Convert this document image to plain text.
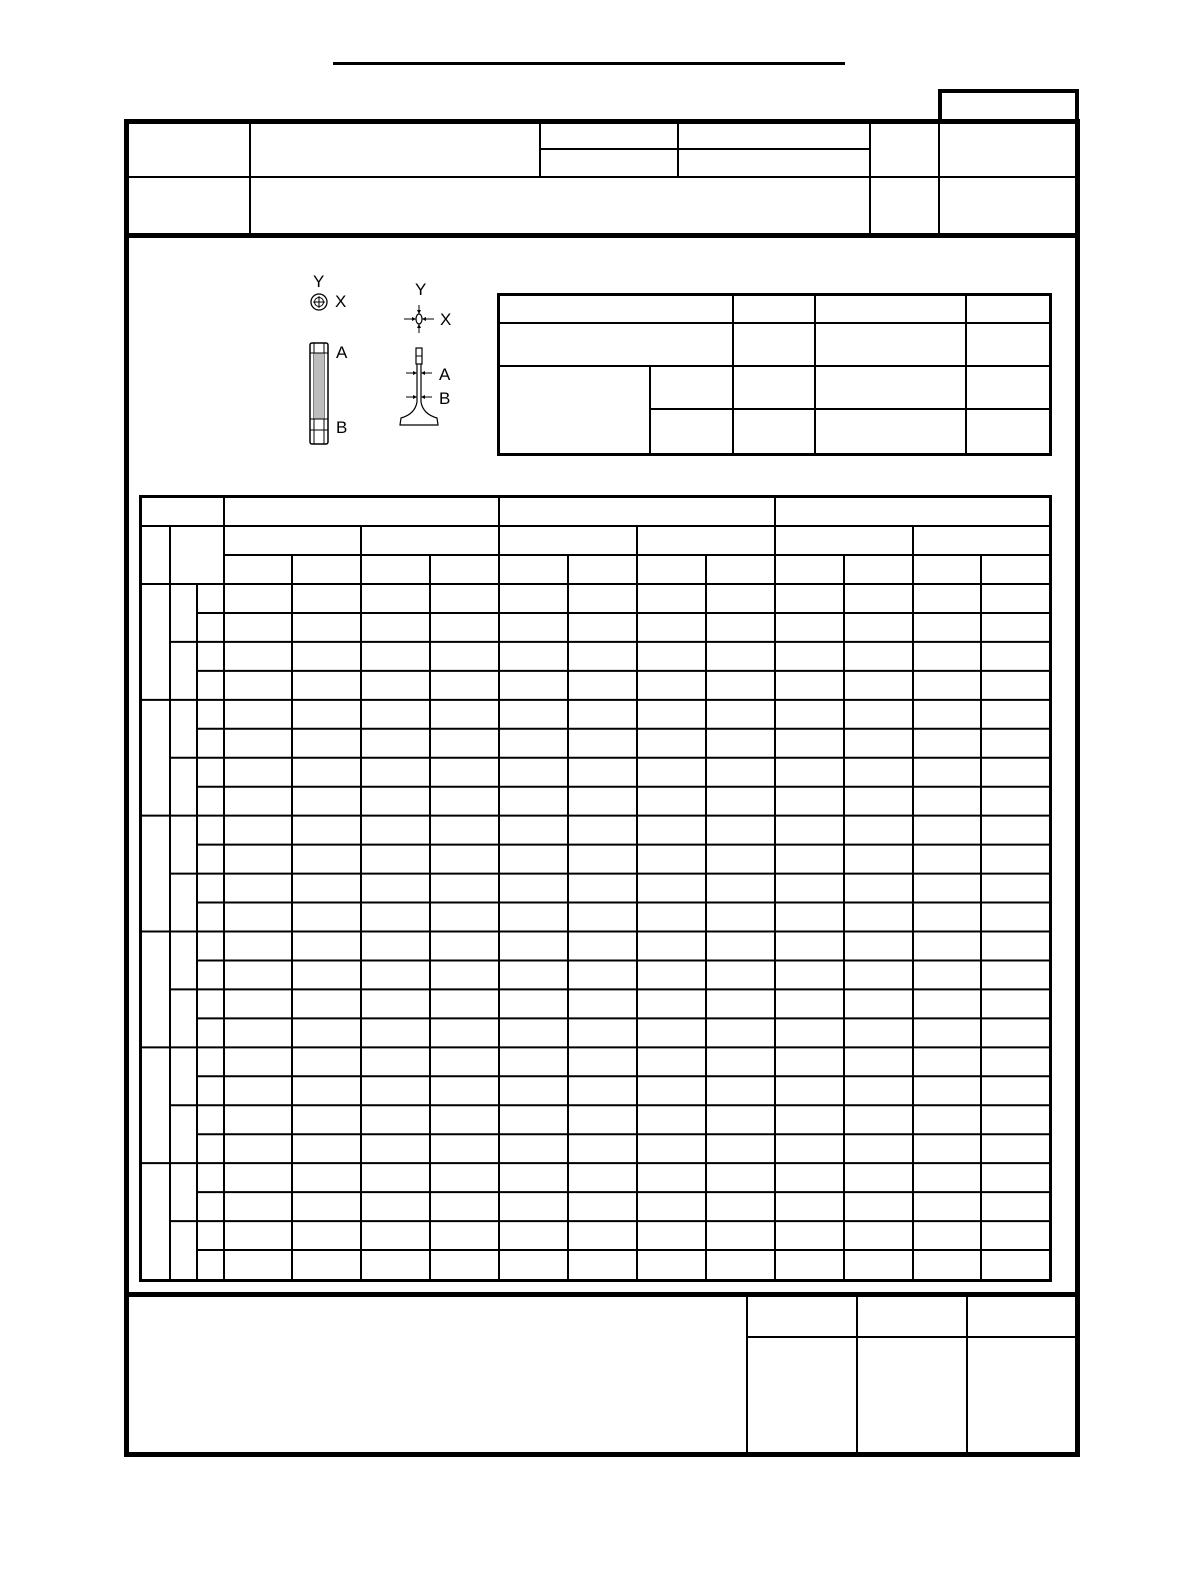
Y
X
A
B
Y
X
A
B
